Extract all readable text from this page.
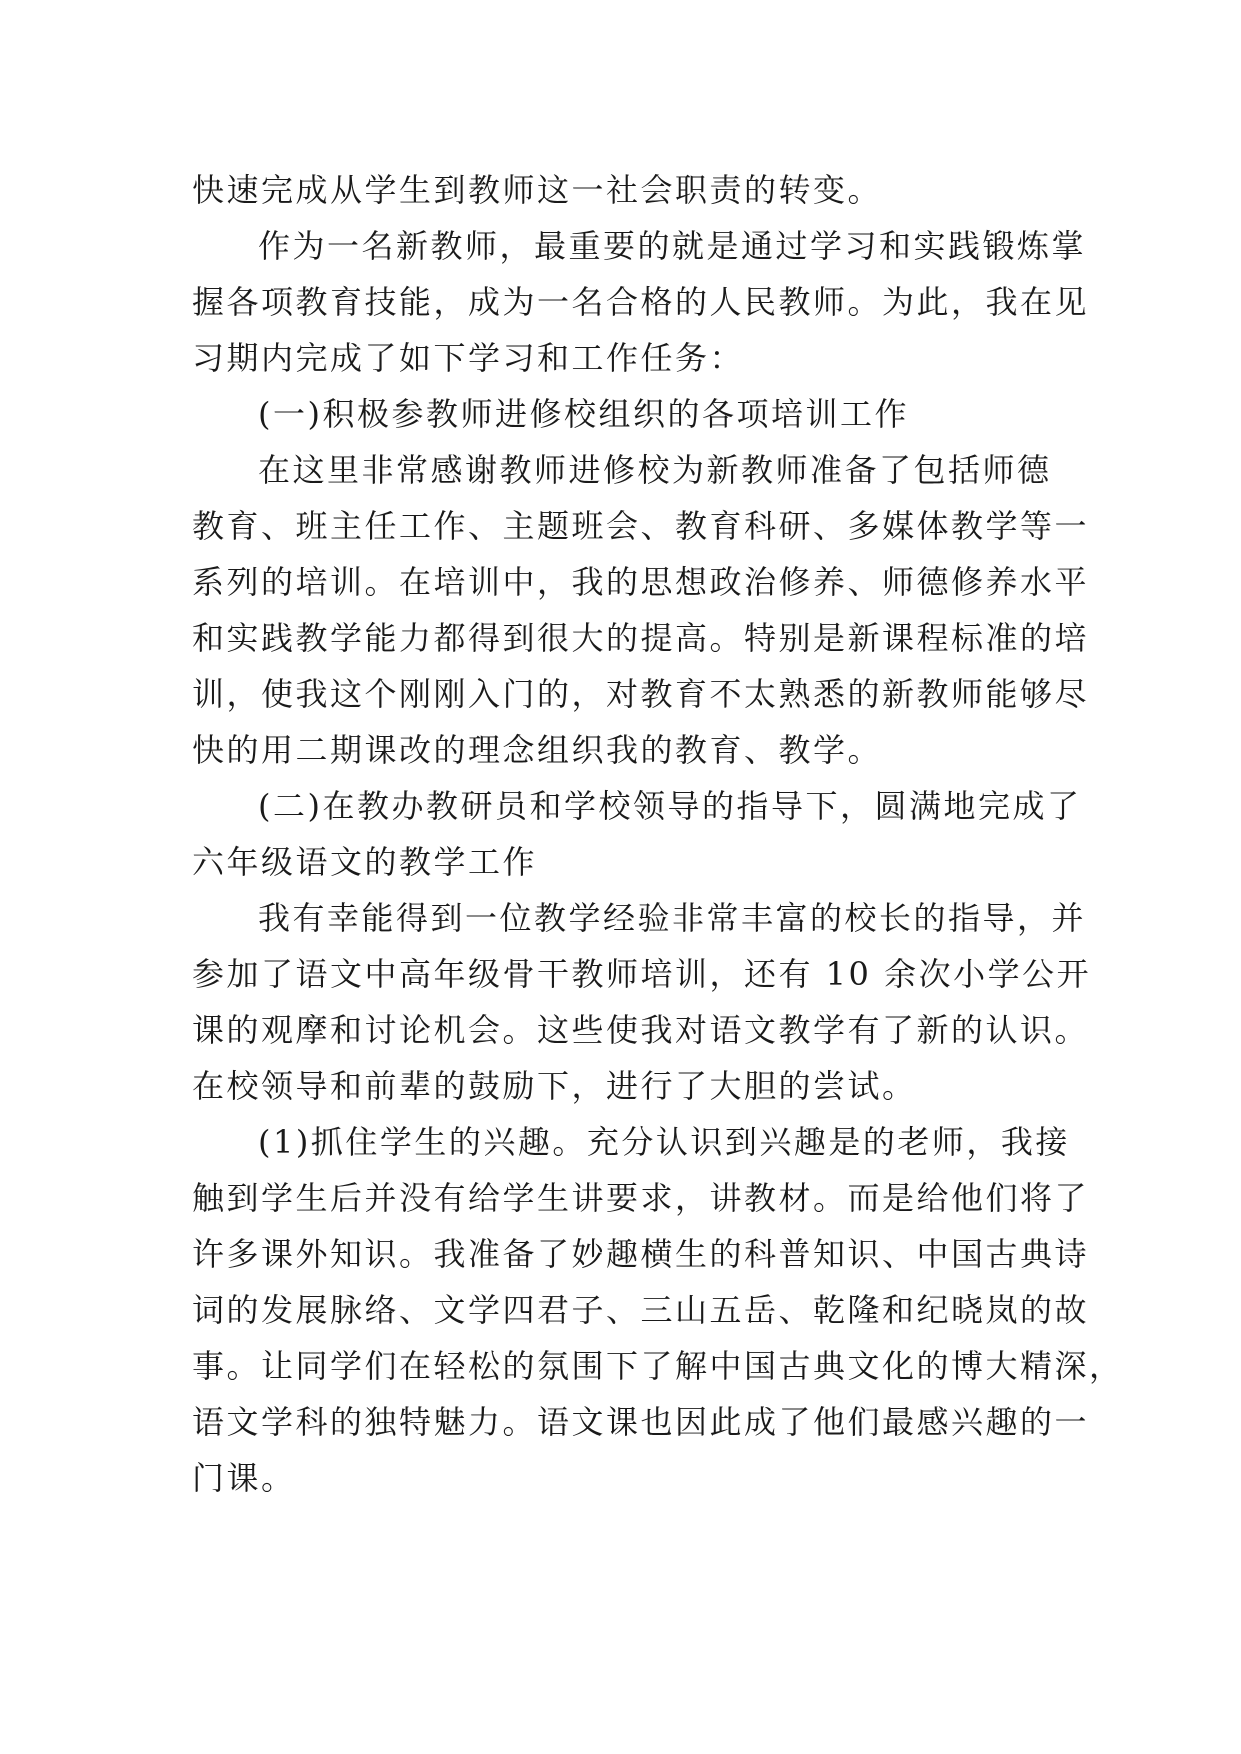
快速完成从学生到教师这一社会职责的转变。
作为一名新教师，最重要的就是通过学习和实践锻炼掌
握各项教育技能，成为一名合格的人民教师。为此，我在见
习期内完成了如下学习和工作任务：
(一)积极参教师进修校组织的各项培训工作
在这里非常感谢教师进修校为新教师准备了包括师德
教育、班主任工作、主题班会、教育科研、多媒体教学等一
系列的培训。在培训中，我的思想政治修养、师德修养水平
和实践教学能力都得到很大的提高。特别是新课程标准的培
训，使我这个刚刚入门的，对教育不太熟悉的新教师能够尽
快的用二期课改的理念组织我的教育、教学。
(二)在教办教研员和学校领导的指导下，圆满地完成了
六年级语文的教学工作
我有幸能得到一位教学经验非常丰富的校长的指导，并
参加了语文中高年级骨干教师培训，还有 10 余次小学公开
课的观摩和讨论机会。这些使我对语文教学有了新的认识。
在校领导和前辈的鼓励下，进行了大胆的尝试。
(1)抓住学生的兴趣。充分认识到兴趣是的老师，我接
触到学生后并没有给学生讲要求，讲教材。而是给他们将了
许多课外知识。我准备了妙趣横生的科普知识、中国古典诗
词的发展脉络、文学四君子、三山五岳、乾隆和纪晓岚的故
事。让同学们在轻松的氛围下了解中国古典文化的博大精深，
语文学科的独特魅力。语文课也因此成了他们最感兴趣的一
门课。
